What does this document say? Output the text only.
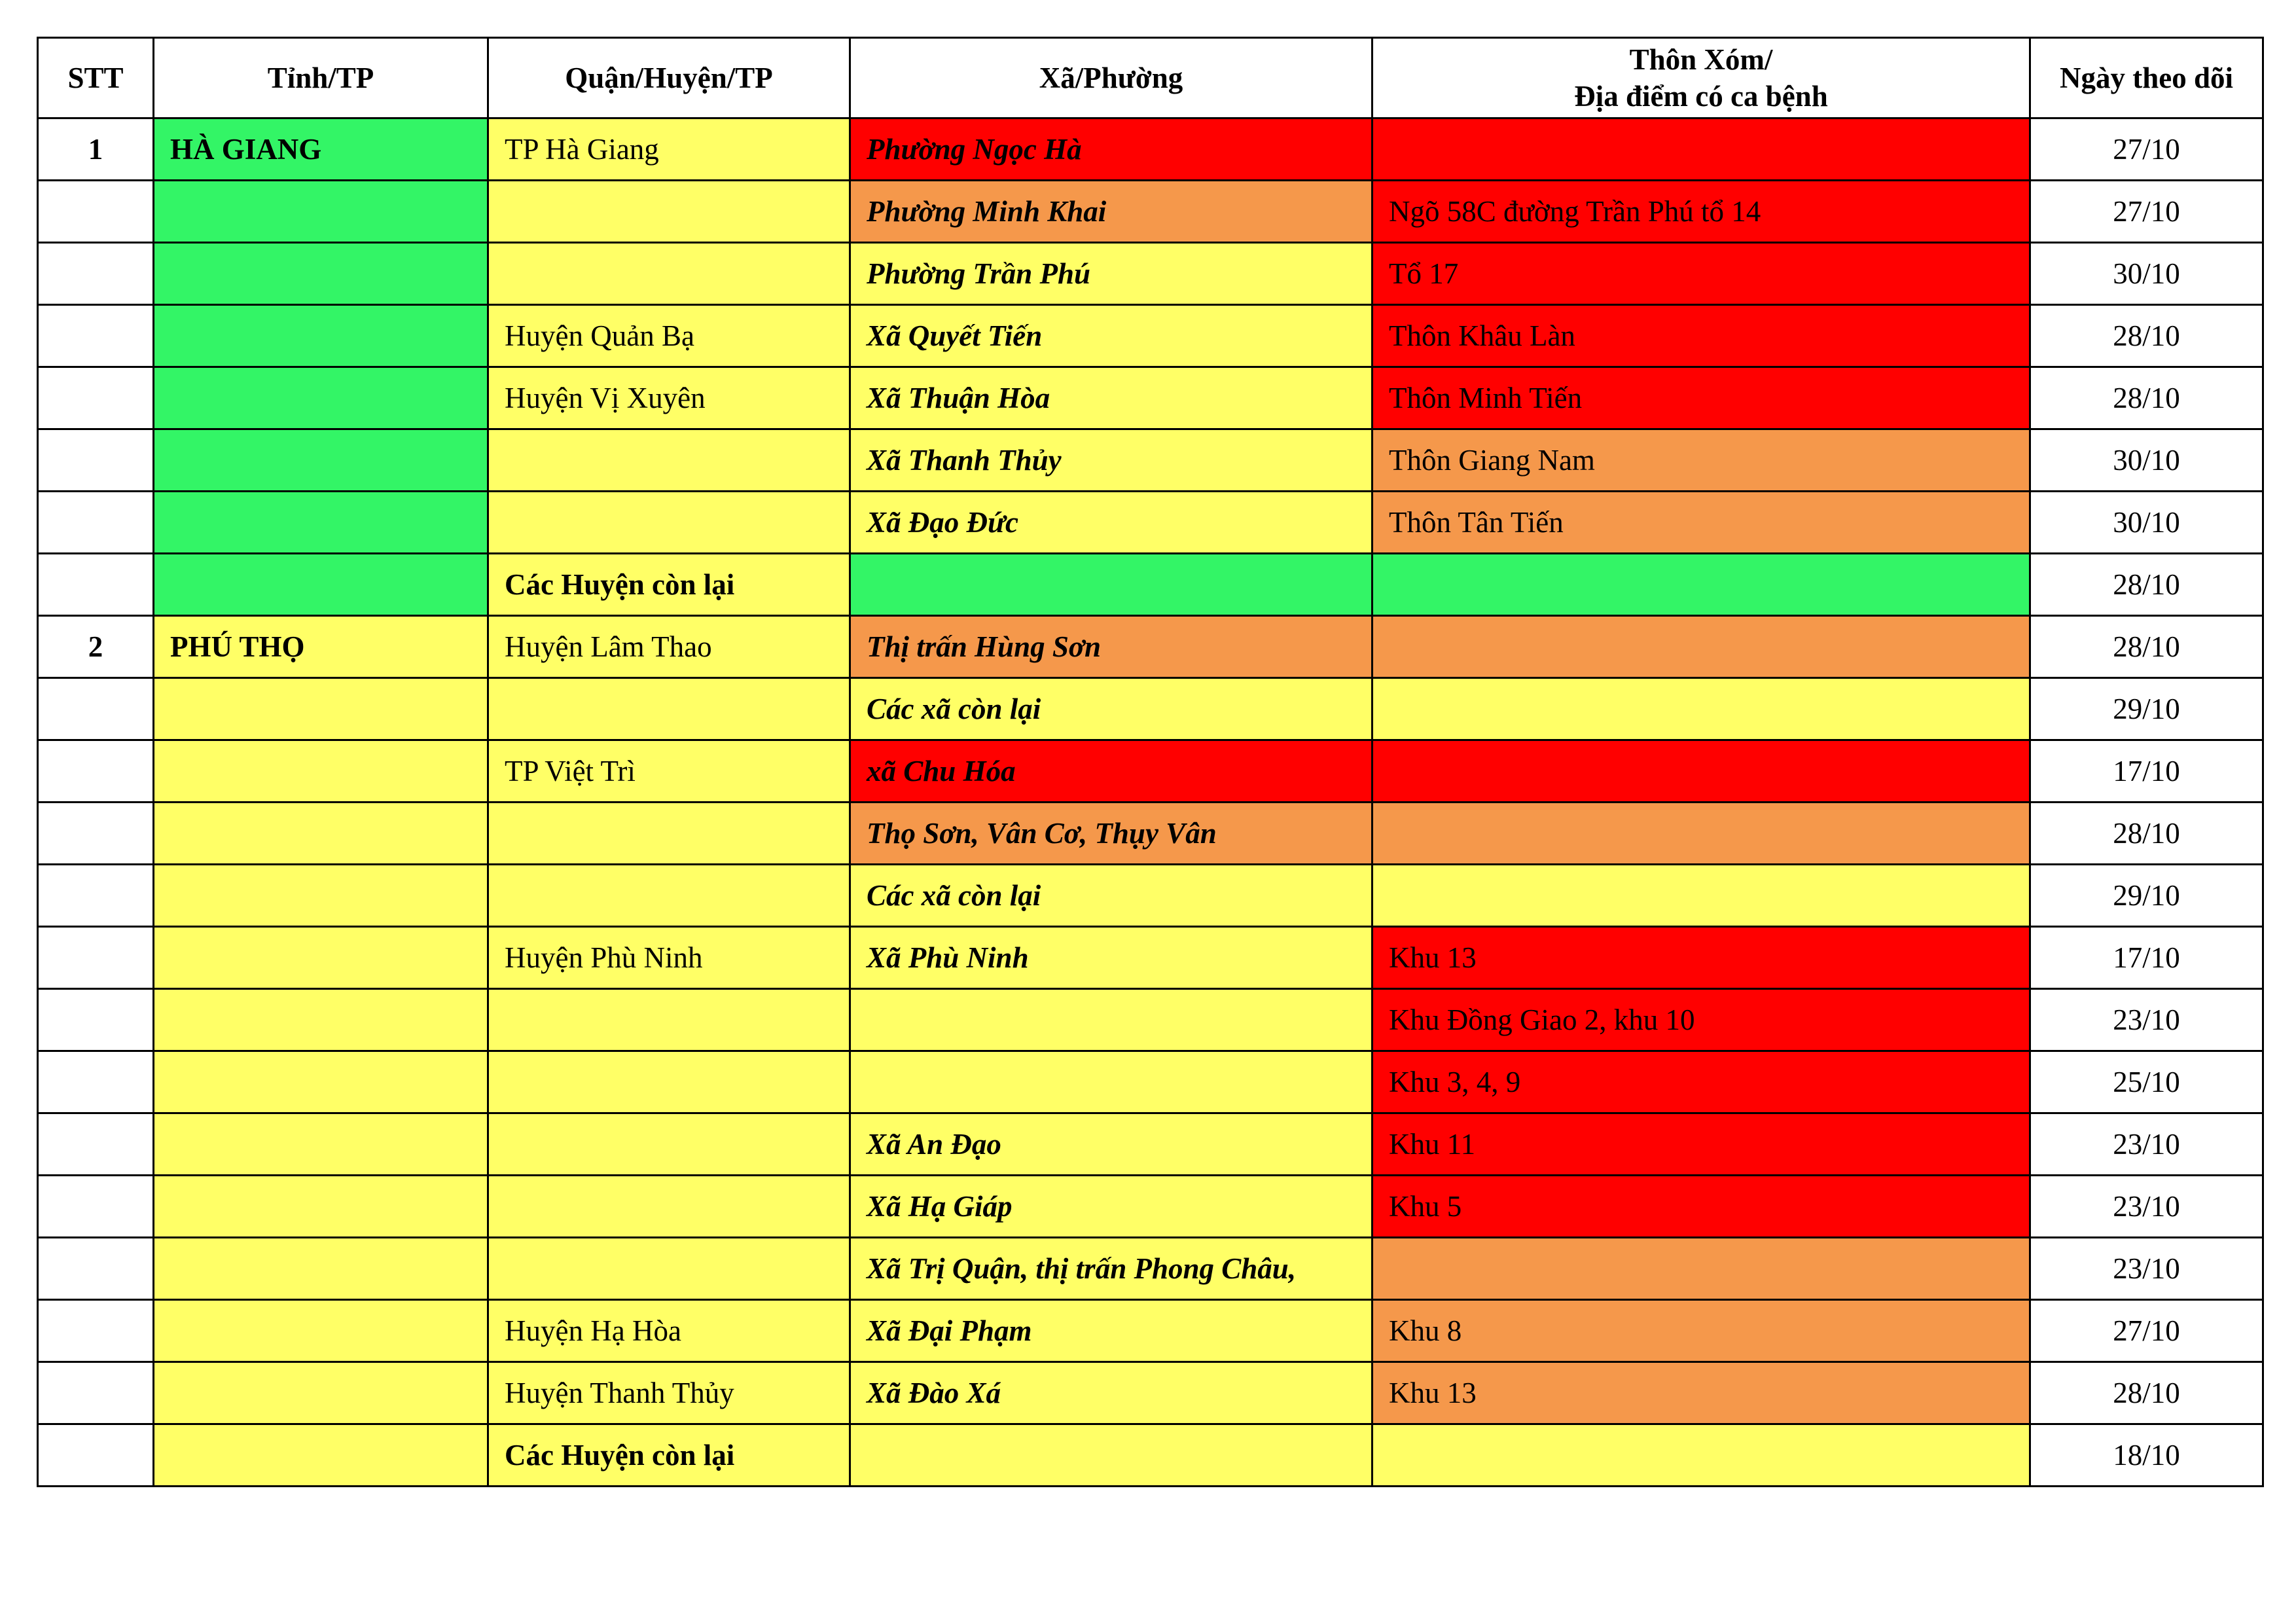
STT	Tỉnh/TP	Quận/Huyện/TP	Xã/Phường	Thôn Xóm/
Địa điểm có ca bệnh	Ngày theo dõi
1	HÀ GIANG	TP Hà Giang	Phường Ngọc Hà		27/10
			Phường Minh Khai	Ngõ 58C đường Trần Phú tổ 14	27/10
			Phường Trần Phú	Tổ 17	30/10
		Huyện Quản Bạ	Xã Quyết Tiến	Thôn Khâu Làn	28/10
		Huyện Vị Xuyên	Xã Thuận Hòa	Thôn Minh Tiến	28/10
			Xã Thanh Thủy	Thôn Giang Nam	30/10
			Xã Đạo Đức	Thôn Tân Tiến	30/10
		Các Huyện còn lại			28/10
2	PHÚ THỌ	Huyện Lâm Thao	Thị trấn Hùng Sơn		28/10
			Các xã còn lại		29/10
		TP Việt Trì	xã Chu Hóa		17/10
			Thọ Sơn, Vân Cơ, Thụy Vân		28/10
			Các xã còn lại		29/10
		Huyện Phù Ninh	Xã Phù Ninh	Khu 13	17/10
				Khu Đồng Giao 2, khu 10	23/10
				Khu 3, 4, 9	25/10
			Xã An Đạo	Khu 11	23/10
			Xã Hạ Giáp	Khu 5	23/10
			Xã Trị Quận, thị trấn Phong Châu,		23/10
		Huyện Hạ Hòa	Xã Đại Phạm	Khu 8	27/10
		Huyện Thanh Thủy	Xã Đào Xá	Khu 13	28/10
		Các Huyện còn lại			18/10
